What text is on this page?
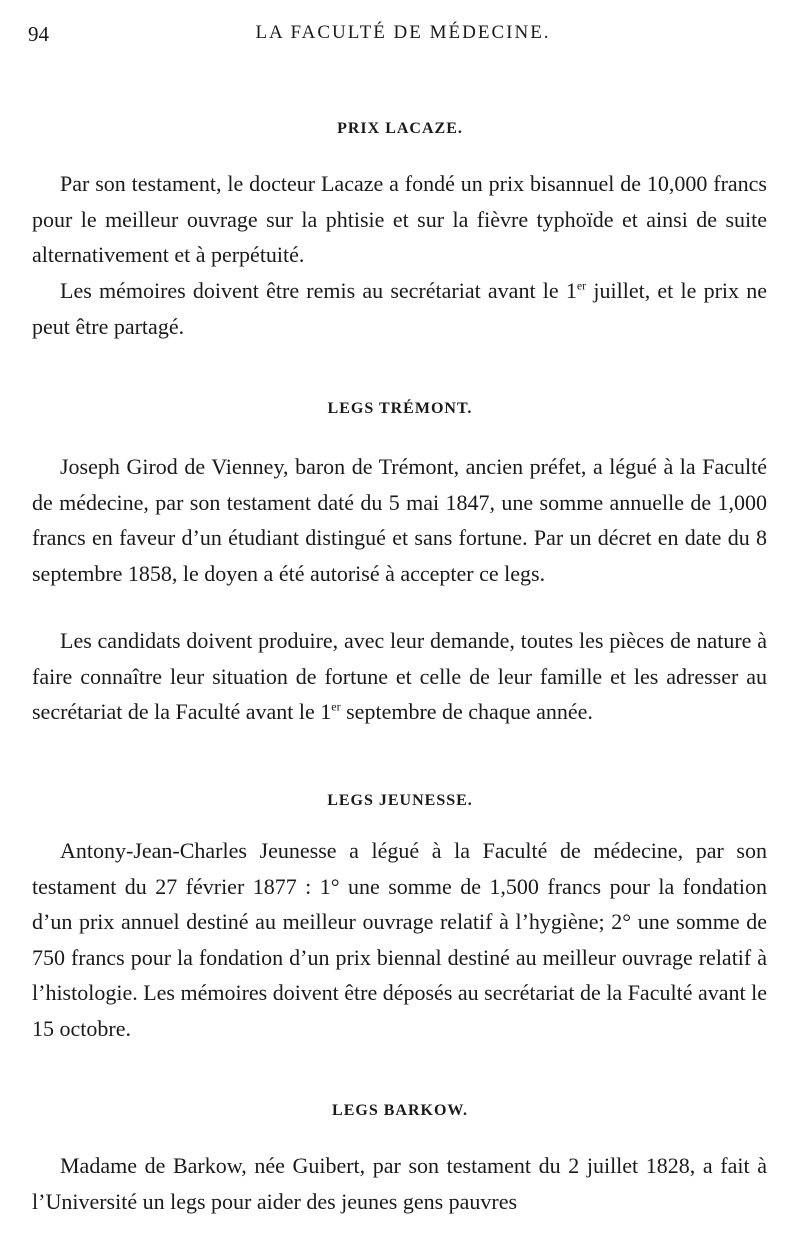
94	LA FACULTÉ DE MÉDECINE.
PRIX LACAZE.

Par son testament, le docteur Lacaze a fondé un prix bisannuel de 10,000 francs pour le meilleur ouvrage sur la phtisie et sur la fièvre typhoïde et ainsi de suite alternativement et à perpétuité.

Les mémoires doivent être remis au secrétariat avant le 1er juillet, et le prix ne peut être partagé.

LEGS TRÉMONT.

Joseph Girod de Vienney, baron de Trémont, ancien préfet, a légué à la Faculté de médecine, par son testament daté du 5 mai 1847, une somme annuelle de 1,000 francs en faveur d’un étudiant distingué et sans fortune. Par un décret en date du 8 septembre 1858, le doyen a été autorisé à accepter ce legs.

Les candidats doivent produire, avec leur demande, toutes les pièces de nature à faire connaître leur situation de fortune et celle de leur famille et les adresser au secrétariat de la Faculté avant le 1er septembre de chaque année.

LEGS JEUNESSE.

Antony-Jean-Charles Jeunesse a légué à la Faculté de médecine, par son testament du 27 février 1877 : 1° une somme de 1,500 francs pour la fondation d’un prix annuel destiné au meilleur ouvrage relatif à l’hygiène; 2° une somme de 750 francs pour la fondation d’un prix biennal destiné au meilleur ouvrage relatif à l’histologie. Les mémoires doivent être déposés au secrétariat de la Faculté avant le 15 octobre.

LEGS BARKOW.

Madame de Barkow, née Guibert, par son testament du 2 juillet 1828, a fait à l’Université un legs pour aider des jeunes gens pauvres
